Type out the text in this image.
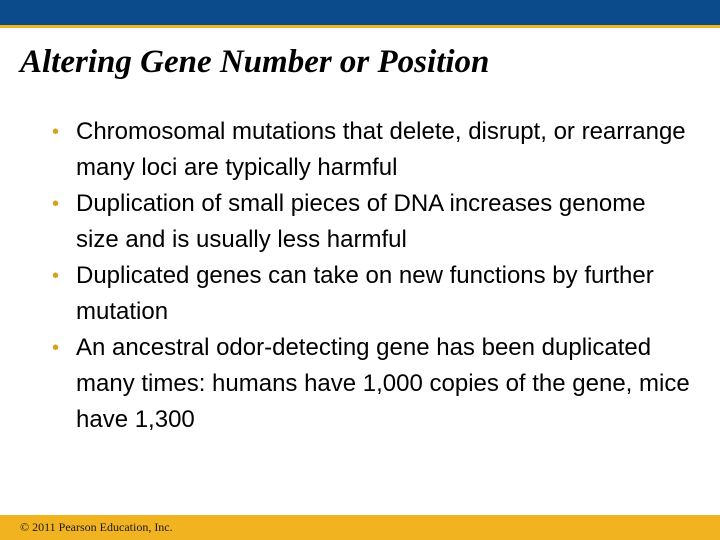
Altering Gene Number or Position
• Chromosomal mutations that delete, disrupt, or rearrange many loci are typically harmful
• Duplication of small pieces of DNA increases genome size and is usually less harmful
• Duplicated genes can take on new functions by further mutation
• An ancestral odor-detecting gene has been duplicated many times: humans have 1,000 copies of the gene, mice have 1,300
© 2011 Pearson Education, Inc.
